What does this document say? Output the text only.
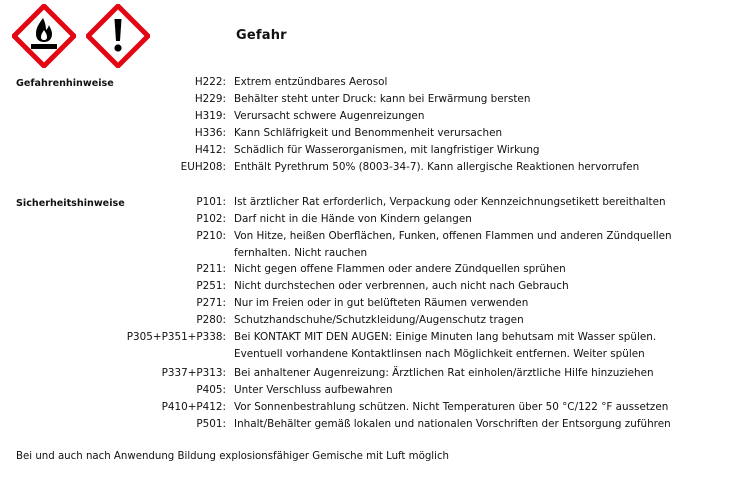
Gefahr
Gefahrenhinweise	H222: Extrem entzündbares Aerosol
H229: Behälter steht unter Druck: kann bei Erwärmung bersten
H319: Verursacht schwere Augenreizungen
H336: Kann Schläfrigkeit und Benommenheit verursachen
H412: Schädlich für Wasserorganismen, mit langfristiger Wirkung
EUH208: Enthält Pyrethrum 50% (8003-34-7). Kann allergische Reaktionen hervorrufen
Sicherheitshinweise	P101: Ist ärztlicher Rat erforderlich, Verpackung oder Kennzeichnungsetikett bereithalten
P102: Darf nicht in die Hände von Kindern gelangen
P210: Von Hitze, heißen Oberflächen, Funken, offenen Flammen und anderen Zündquellen fernhalten. Nicht rauchen
P211: Nicht gegen offene Flammen oder andere Zündquellen sprühen
P251: Nicht durchstechen oder verbrennen, auch nicht nach Gebrauch
P271: Nur im Freien oder in gut belüfteten Räumen verwenden
P280: Schutzhandschuhe/Schutzkleidung/Augenschutz tragen
P305+P351+P338: Bei KONTAKT MIT DEN AUGEN: Einige Minuten lang behutsam mit Wasser spülen. Eventuell vorhandene Kontaktlinsen nach Möglichkeit entfernen. Weiter spülen
P337+P313: Bei anhaltener Augenreizung: Ärztlichen Rat einholen/ärztliche Hilfe hinzuziehen
P405: Unter Verschluss aufbewahren
P410+P412: Vor Sonnenbestrahlung schützen. Nicht Temperaturen über 50 °C/122 °F aussetzen
P501: Inhalt/Behälter gemäß lokalen und nationalen Vorschriften der Entsorgung zuführen
Bei und auch nach Anwendung Bildung explosionsfähiger Gemische mit Luft möglich
